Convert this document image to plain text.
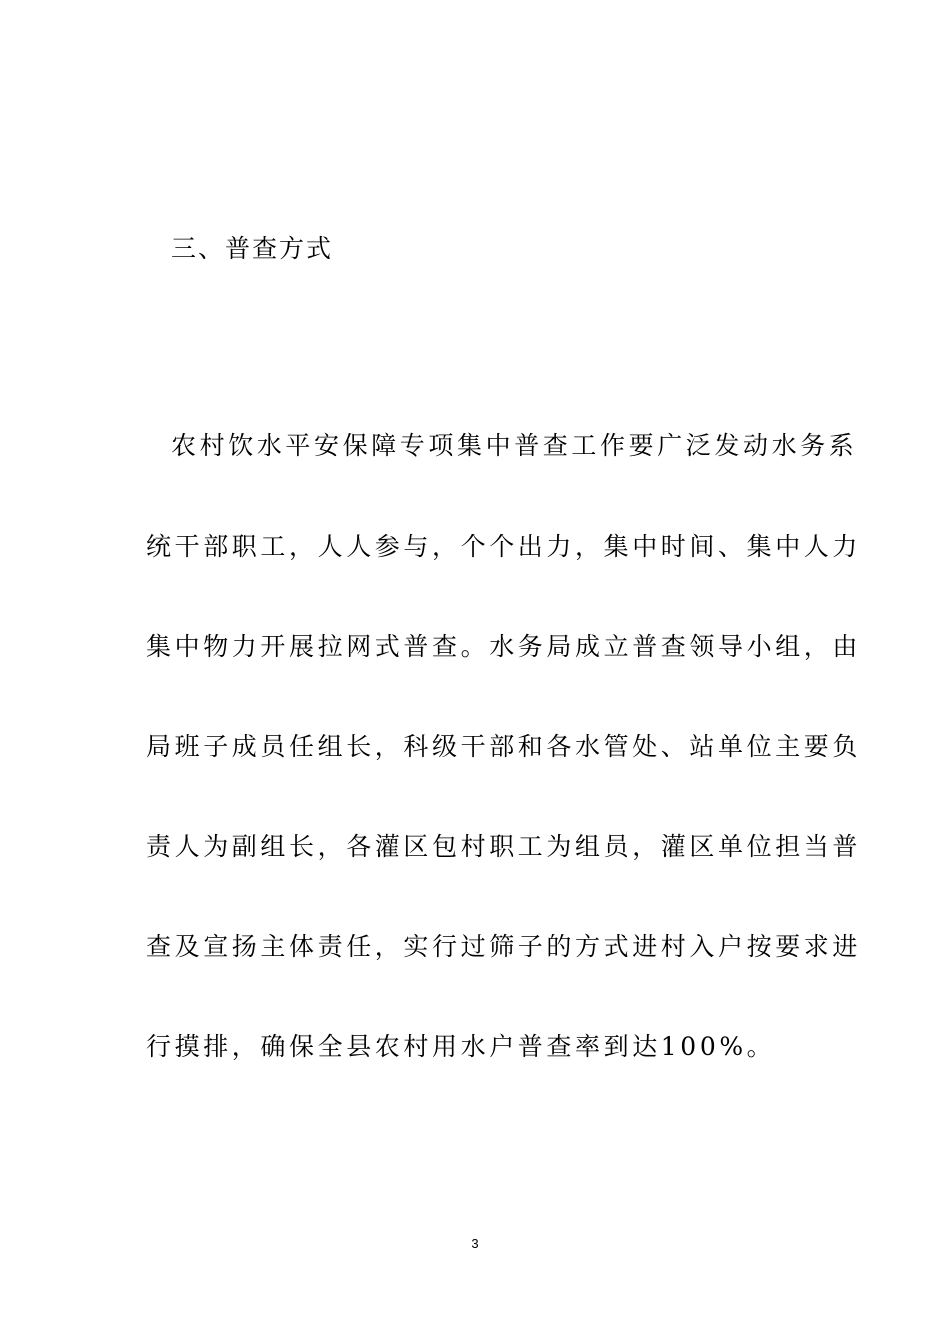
三、普查方式
农村饮水平安保障专项集中普查工作要广泛发动水务系
统干部职工，人人参与，个个出力，集中时间、集中人力
集中物力开展拉网式普查。水务局成立普查领导小组，由
局班子成员任组长，科级干部和各水管处、站单位主要负
责人为副组长，各灌区包村职工为组员，灌区单位担当普
查及宣扬主体责任，实行过筛子的方式进村入户按要求进
行摸排，确保全县农村用水户普查率到达100%。
3
